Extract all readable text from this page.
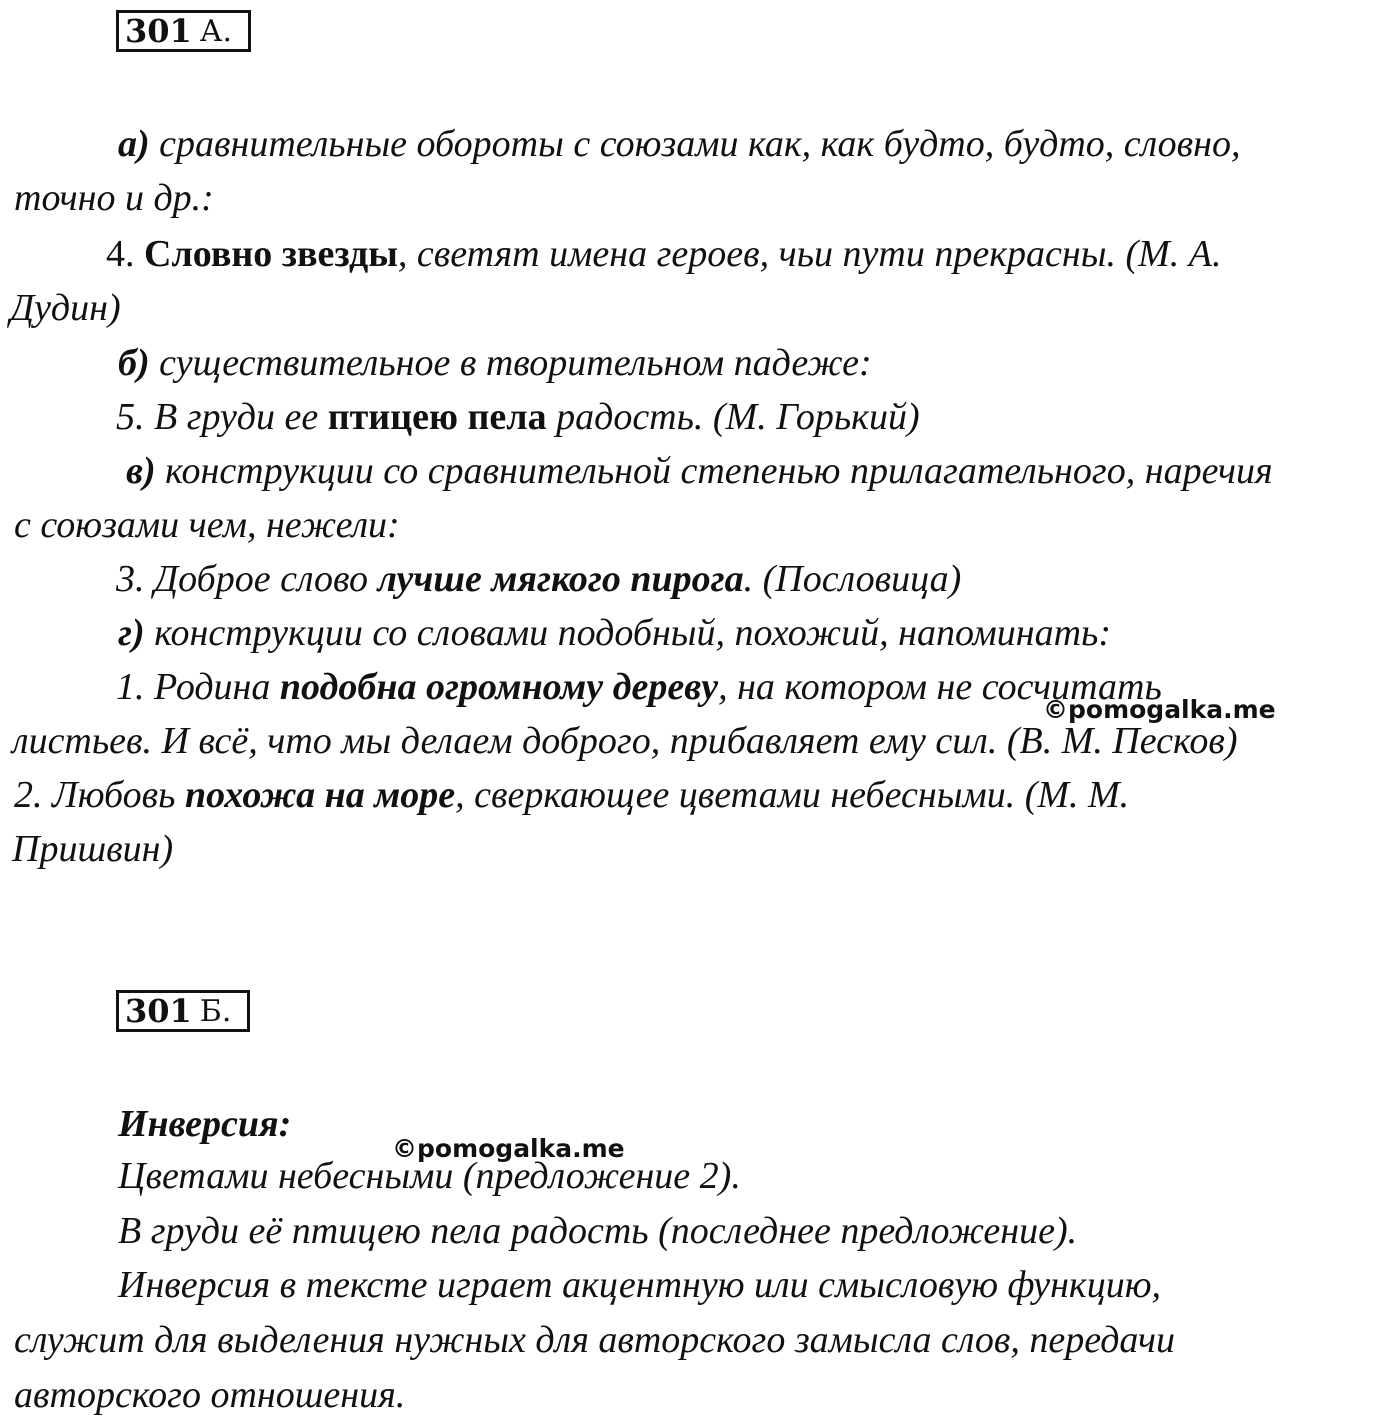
301 А.
а) сравнительные обороты с союзами как, как будто, будто, словно,
точно и др.:
4. Словно звезды, светят имена героев, чьи пути прекрасны. (М. А.
Дудин)
б) существительное в творительном падеже:
5. В груди ее птицею пела радость. (М. Горький)
в) конструкции со сравнительной степенью прилагательного, наречия
с союзами чем, нежели:
3. Доброе слово лучше мягкого пирога. (Пословица)
г) конструкции со словами подобный, похожий, напоминать:
1. Родина подобна огромному дереву, на котором не сосчитать
листьев. И всё, что мы делаем доброго, прибавляет ему сил. (В. М. Песков)
2. Любовь похожа на море, сверкающее цветами небесными. (М. М.
Пришвин)
©pomogalka.me
301 Б.
Инверсия:
Цветами небесными (предложение 2).
В груди её птицею пела радость (последнее предложение).
Инверсия в тексте играет акцентную или смысловую функцию,
служит для выделения нужных для авторского замысла слов, передачи
авторского отношения.
©pomogalka.me
